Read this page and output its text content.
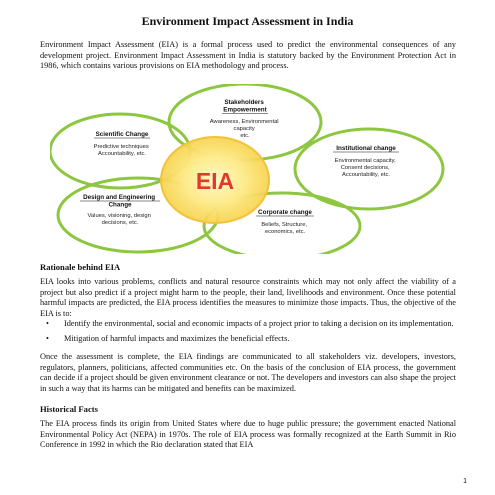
Environment Impact Assessment in India

Environment Impact Assessment (EIA) is a formal process used to predict the environmental consequences of any development project. Environment Impact Assessment in India is statutory backed by the Environment Protection Act in 1986, which contains various provisions on EIA methodology and process.

EIA
Stakeholders Empowerment
Awareness, Environmental capacity etc.
Scientific Change
Predictive techniques Accountability, etc.
Institutional change
Environmental capacity, Consent decisions, Accountability, etc.
Design and Engineering Change
Values, visioning, design decisions, etc.
Corporate change
Beliefs, Structure, economics, etc.
Rationale behind EIA

EIA looks into various problems, conflicts and natural resource constraints which may not only affect the viability of a project but also predict if a project might harm to the people, their land, livelihoods and environment. Once these potential harmful impacts are predicted, the EIA process identifies the measures to minimize those impacts. Thus, the objective of the EIA is to:

• Identify the environmental, social and economic impacts of a project prior to taking a decision on its implementation.
• Mitigation of harmful impacts and maximizes the beneficial effects.

Once the assessment is complete, the EIA findings are communicated to all stakeholders viz. developers, investors, regulators, planners, politicians, affected communities etc. On the basis of the conclusion of EIA process, the government can decide if a project should be given environment clearance or not. The developers and investors can also shape the project in such a way that its harms can be mitigated and benefits can be maximized.

Historical Facts

The EIA process finds its origin from United States where due to huge public pressure; the government enacted National Environmental Policy Act (NEPA) in 1970s. The role of EIA process was formally recognized at the Earth Summit in Rio Conference in 1992 in which the Rio declaration stated that EIA

1
